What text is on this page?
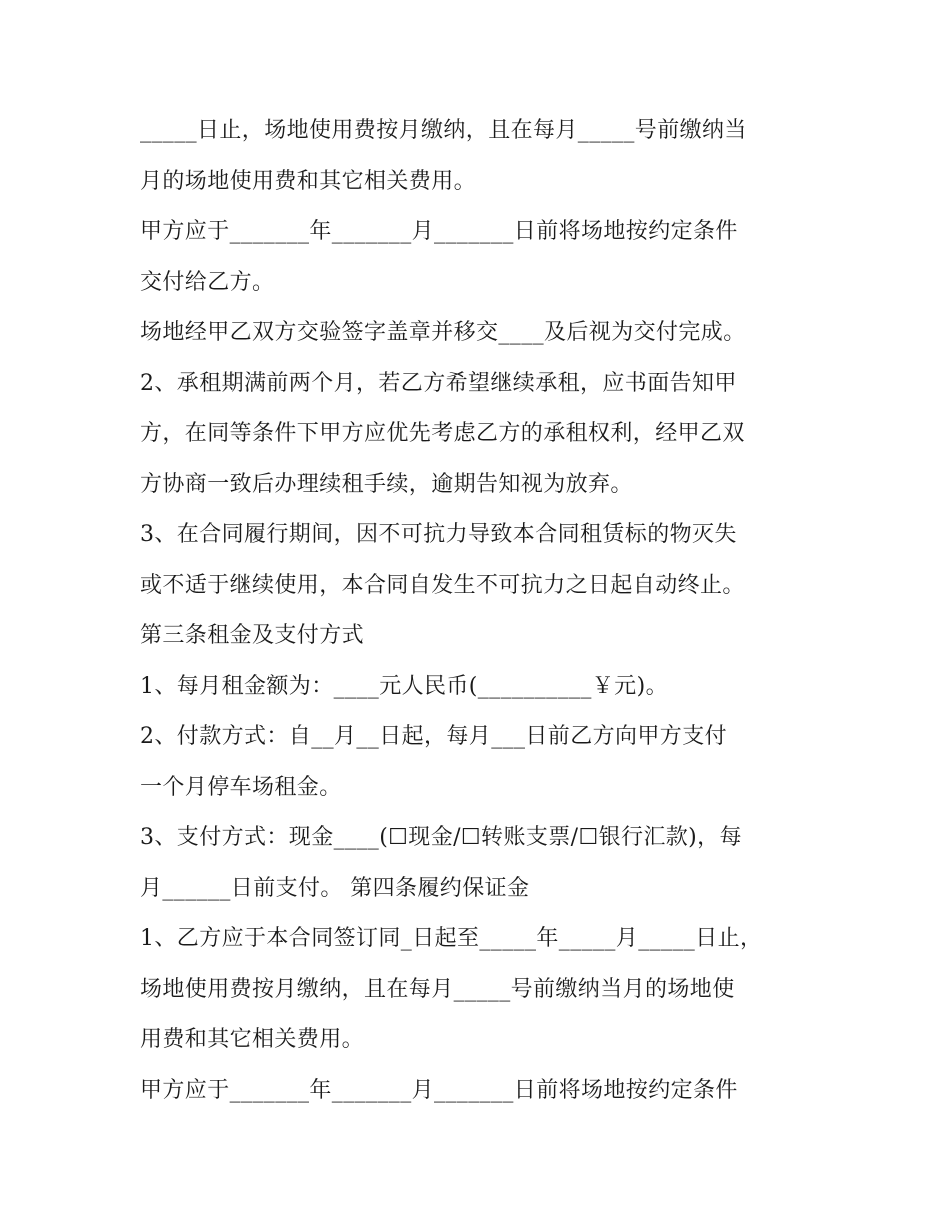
_____日止，场地使用费按月缴纳，且在每月_____号前缴纳当
月的场地使用费和其它相关费用。
甲方应于_______年_______月_______日前将场地按约定条件
交付给乙方。
场地经甲乙双方交验签字盖章并移交____及后视为交付完成。
2、承租期满前两个月，若乙方希望继续承租，应书面告知甲
方，在同等条件下甲方应优先考虑乙方的承租权利，经甲乙双
方协商一致后办理续租手续，逾期告知视为放弃。
3、在合同履行期间，因不可抗力导致本合同租赁标的物灭失
或不适于继续使用，本合同自发生不可抗力之日起自动终止。
第三条租金及支付方式
1、每月租金额为：____元人民币(__________￥元)。
2、付款方式：自__月__日起，每月___日前乙方向甲方支付
一个月停车场租金。
3、支付方式：现金____(☐现金/☐转账支票/☐银行汇款)，每
月______日前支付。 第四条履约保证金
1、乙方应于本合同签订同_日起至_____年_____月_____日止，
场地使用费按月缴纳，且在每月_____号前缴纳当月的场地使
用费和其它相关费用。
甲方应于_______年_______月_______日前将场地按约定条件
